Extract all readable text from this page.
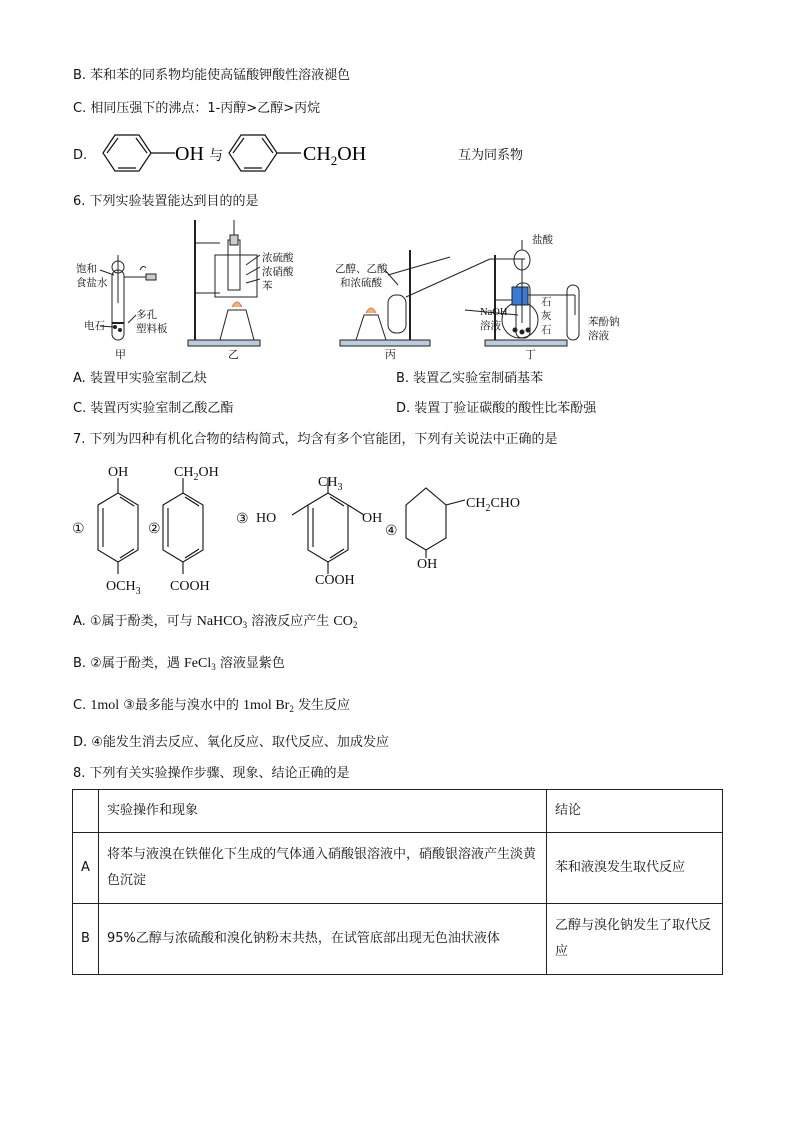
B. 苯和苯的同系物均能使高锰酸钾酸性溶液褪色
C. 相同压强下的沸点：1-丙醇>乙醇>丙烷
D.	OH 与	$CH_2OH$	互为同系物
6. 下列实验装置能达到目的的是
饱和
食盐水
电石
多孔
塑料板
甲
浓硫酸
浓硝酸
苯
乙
乙醇、乙酸
和浓硫酸
NaOH
溶液
丙
盐酸
石
灰
石
苯酚钠
溶液
丁
A. 装置甲实验室制乙炔	B. 装置乙实验室制硝基苯
C. 装置丙实验室制乙酸乙酯	D. 装置丁验证碳酸的酸性比苯酚强
7. 下列为四种有机化合物的结构简式，均含有多个官能团，下列有关说法中正确的是
①
OH
$OCH_3$
②
$CH_2OH$
COOH
③
$CH_3$
HO	OH
COOH
④
$CH_2CHO$
OH
A. ①属于酚类，可与 NaHCO$_3$ 溶液反应产生 $CO_2$
B. ②属于酚类，遇 FeCl$_3$ 溶液显紫色
C. 1mol ③最多能与溴水中的 1mol $Br_2$ 发生反应
D. ④能发生消去反应、氧化反应、取代反应、加成发应
8. 下列有关实验操作步骤、现象、结论正确的是
	实验操作和现象	结论
A	将苯与液溴在铁催化下生成的气体通入硝酸银溶液中，硝酸银溶液产生淡黄色沉淀	苯和液溴发生取代反应
B	95%乙醇与浓硫酸和溴化钠粉末共热，在试管底部出现无色油状液体	乙醇与溴化钠发生了取代反应
